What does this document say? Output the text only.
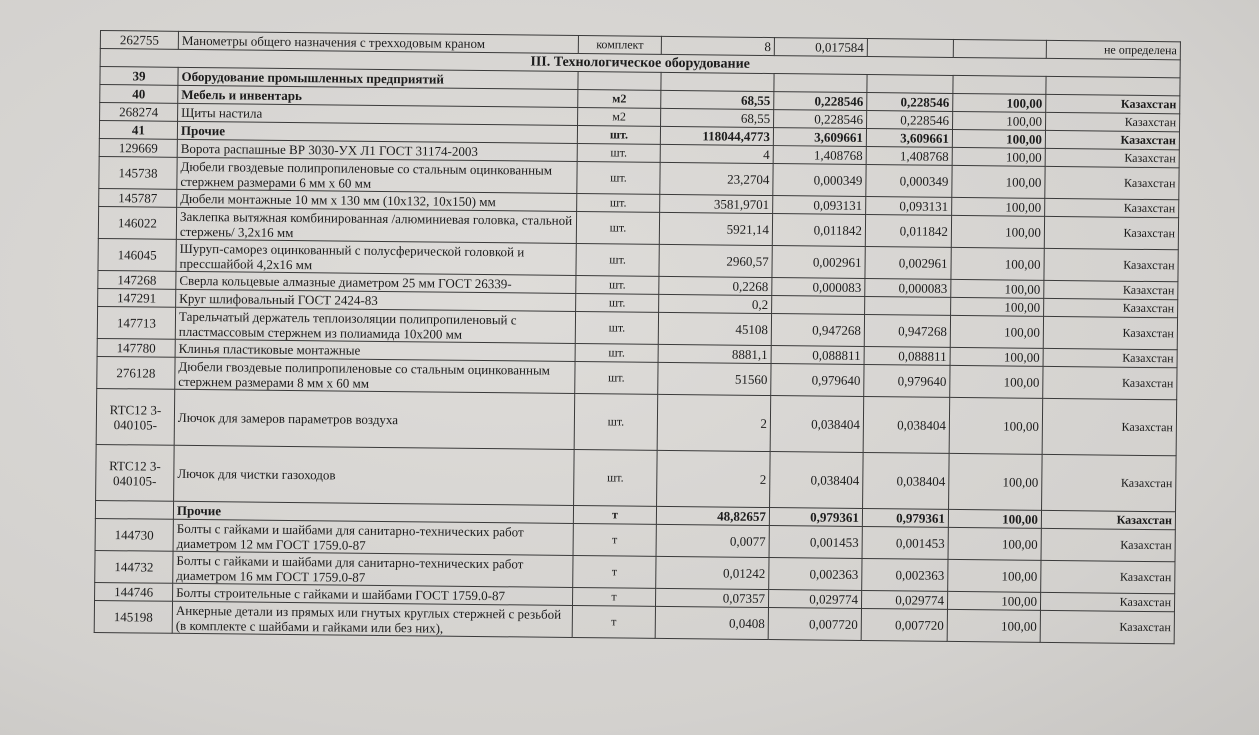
262755	Манометры общего назначения с трехходовым краном	комплект	8	0,017584			не определена
III. Технологическое оборудование							
39	Оборудование промышленных предприятий						
40	Мебель и инвентарь	м2	68,55	0,228546	0,228546	100,00	Казахстан
268274	Щиты настила	м2	68,55	0,228546	0,228546	100,00	Казахстан
41	Прочие	шт.	118044,4773	3,609661	3,609661	100,00	Казахстан
129669	Ворота распашные ВР 3030-УХ Л1 ГОСТ 31174-2003	шт.	4	1,408768	1,408768	100,00	Казахстан
145738	Дюбели гвоздевые полипропиленовые со стальным оцинкованным стержнем размерами 6 мм х 60 мм	шт.	23,2704	0,000349	0,000349	100,00	Казахстан
145787	Дюбели монтажные 10 мм х 130 мм (10х132, 10х150) мм	шт.	3581,9701	0,093131	0,093131	100,00	Казахстан
146022	Заклепка вытяжная комбинированная /алюминиевая головка, стальной стержень/ 3,2х16 мм	шт.	5921,14	0,011842	0,011842	100,00	Казахстан
146045	Шуруп-саморез оцинкованный с полусферической головкой и прессшайбой 4,2х16 мм	шт.	2960,57	0,002961	0,002961	100,00	Казахстан
147268	Сверла кольцевые алмазные диаметром 25 мм ГОСТ 26339-	шт.	0,2268	0,000083	0,000083	100,00	Казахстан
147291	Круг шлифовальный ГОСТ 2424-83	шт.	0,2			100,00	Казахстан
147713	Тарельчатый держатель теплоизоляции полипропиленовый с пластмассовым стержнем из полиамида 10х200 мм	шт.	45108	0,947268	0,947268	100,00	Казахстан
147780	Клинья пластиковые монтажные	шт.	8881,1	0,088811	0,088811	100,00	Казахстан
276128	Дюбели гвоздевые полипропиленовые со стальным оцинкованным стержнем размерами 8 мм х 60 мм	шт.	51560	0,979640	0,979640	100,00	Казахстан
RTC12 3- 040105-	Лючок для замеров параметров воздуха	шт.	2	0,038404	0,038404	100,00	Казахстан
RTC12 3- 040105-	Лючок для чистки газоходов	шт.	2	0,038404	0,038404	100,00	Казахстан
	Прочие	т	48,82657	0,979361	0,979361	100,00	Казахстан
144730	Болты с гайками и шайбами для санитарно-технических работ диаметром 12 мм ГОСТ 1759.0-87	т	0,0077	0,001453	0,001453	100,00	Казахстан
144732	Болты с гайками и шайбами для санитарно-технических работ диаметром 16 мм ГОСТ 1759.0-87	т	0,01242	0,002363	0,002363	100,00	Казахстан
144746	Болты строительные с гайками и шайбами ГОСТ 1759.0-87	т	0,07357	0,029774	0,029774	100,00	Казахстан
145198	Анкерные детали из прямых или гнутых круглых стержней с резьбой (в комплекте с шайбами и гайками или без них),	т	0,0408	0,007720	0,007720	100,00	Казахстан
